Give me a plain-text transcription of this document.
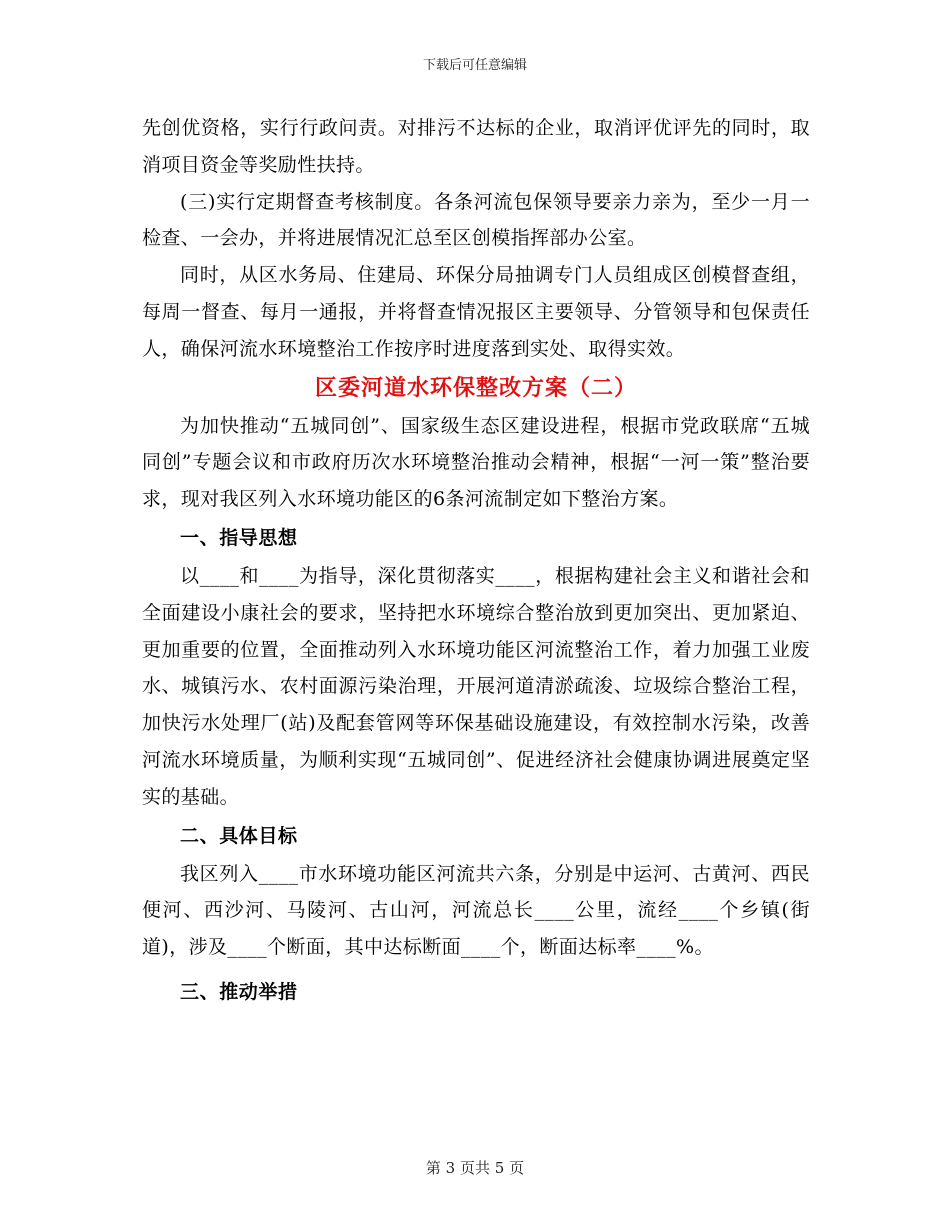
下载后可任意编辑

先创优资格，实行行政问责。对排污不达标的企业，取消评优评先的同时，取消项目资金等奖励性扶持。

(三)实行定期督查考核制度。各条河流包保领导要亲力亲为，至少一月一检查、一会办，并将进展情况汇总至区创模指挥部办公室。

同时，从区水务局、住建局、环保分局抽调专门人员组成区创模督查组，每周一督查、每月一通报，并将督查情况报区主要领导、分管领导和包保责任人，确保河流水环境整治工作按序时进度落到实处、取得实效。

区委河道水环保整改方案（二）

为加快推动“五城同创”、国家级生态区建设进程，根据市党政联席“五城同创”专题会议和市政府历次水环境整治推动会精神，根据“一河一策”整治要求，现对我区列入水环境功能区的6条河流制定如下整治方案。

一、指导思想

以____和____为指导，深化贯彻落实____，根据构建社会主义和谐社会和全面建设小康社会的要求，坚持把水环境综合整治放到更加突出、更加紧迫、更加重要的位置，全面推动列入水环境功能区河流整治工作，着力加强工业废水、城镇污水、农村面源污染治理，开展河道清淤疏浚、垃圾综合整治工程，加快污水处理厂(站)及配套管网等环保基础设施建设，有效控制水污染，改善河流水环境质量，为顺利实现“五城同创”、促进经济社会健康协调进展奠定坚实的基础。

二、具体目标

我区列入____市水环境功能区河流共六条，分别是中运河、古黄河、西民便河、西沙河、马陵河、古山河，河流总长____公里，流经____个乡镇(街道)，涉及____个断面，其中达标断面____个，断面达标率____%。

三、推动举措
第 3 页共 5 页
